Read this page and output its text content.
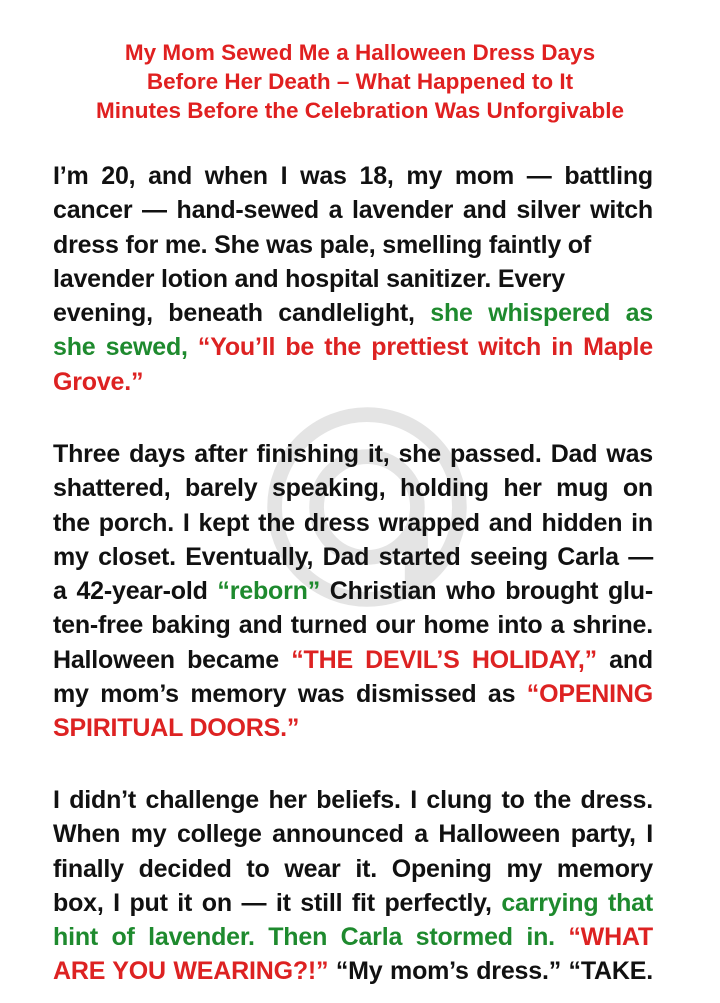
My Mom Sewed Me a Halloween Dress Days
Before Her Death – What Happened to It
Minutes Before the Celebration Was Unforgivable
I’m 20, and when I was 18, my mom — battling
cancer — hand-sewed a lavender and silver witch
dress for me. She was pale, smelling faintly of
lavender lotion and hospital sanitizer. Every
evening, beneath candlelight, she whispered as
she sewed, “You’ll be the prettiest witch in Maple
Grove.”
Three days after finishing it, she passed. Dad was
shattered, barely speaking, holding her mug on
the porch. I kept the dress wrapped and hidden in
my closet. Eventually, Dad started seeing Carla —
a 42-year-old “reborn” Christian who brought glu-
ten-free baking and turned our home into a shrine.
Halloween became “THE DEVIL’S HOLIDAY,” and
my mom’s memory was dismissed as “OPENING
SPIRITUAL DOORS.”
I didn’t challenge her beliefs. I clung to the dress.
When my college announced a Halloween party, I
finally decided to wear it. Opening my memory
box, I put it on — it still fit perfectly, carrying that
hint of lavender. Then Carla stormed in. “WHAT
ARE YOU WEARING?!” “My mom’s dress.” “TAKE.
